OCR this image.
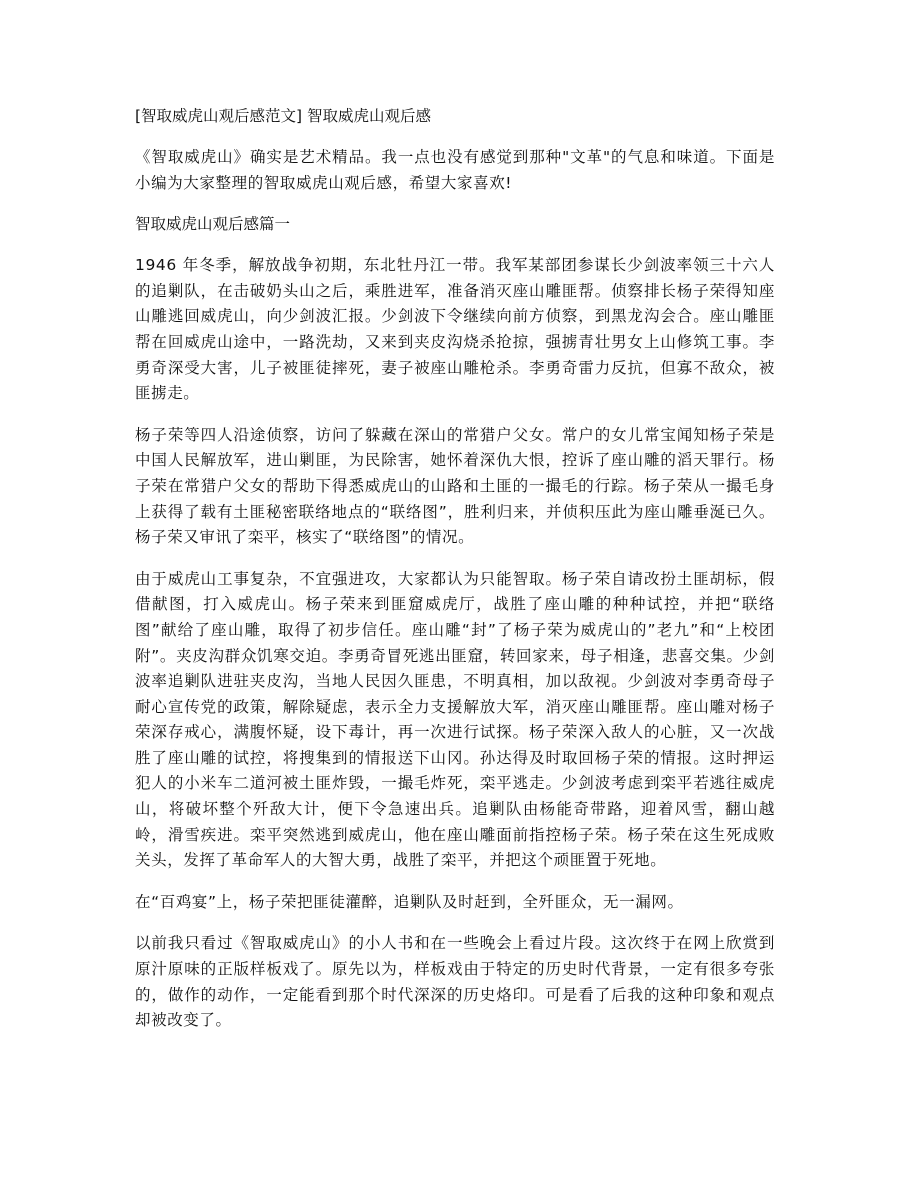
[智取威虎山观后感范文] 智取威虎山观后感

《智取威虎山》确实是艺术精品。我一点也没有感觉到那种"文革"的气息和味道。下面是小编为大家整理的智取威虎山观后感，希望大家喜欢!

智取威虎山观后感篇一

1946 年冬季，解放战争初期，东北牡丹江一带。我军某部团参谋长少剑波率领三十六人的追剿队，在击破奶头山之后，乘胜进军，准备消灭座山雕匪帮。侦察排长杨子荣得知座山雕逃回威虎山，向少剑波汇报。少剑波下令继续向前方侦察，到黑龙沟会合。座山雕匪帮在回威虎山途中，一路洗劫，又来到夹皮沟烧杀抢掠，强掳青壮男女上山修筑工事。李勇奇深受大害，儿子被匪徒摔死，妻子被座山雕枪杀。李勇奇雷力反抗，但寡不敌众，被匪掳走。

杨子荣等四人沿途侦察，访问了躲藏在深山的常猎户父女。常户的女儿常宝闻知杨子荣是中国人民解放军，进山剿匪，为民除害，她怀着深仇大恨，控诉了座山雕的滔天罪行。杨子荣在常猎户父女的帮助下得悉威虎山的山路和土匪的一撮毛的行踪。杨子荣从一撮毛身上获得了载有土匪秘密联络地点的“联络图”，胜利归来，并侦积压此为座山雕垂涎已久。杨子荣又审讯了栾平，核实了“联络图”的情况。

由于威虎山工事复杂，不宜强进攻，大家都认为只能智取。杨子荣自请改扮土匪胡标，假借献图，打入威虎山。杨子荣来到匪窟威虎厅，战胜了座山雕的种种试控，并把“联络图”献给了座山雕，取得了初步信任。座山雕“封”了杨子荣为威虎山的”老九”和“上校团附”。夹皮沟群众饥寒交迫。李勇奇冒死逃出匪窟，转回家来，母子相逢，悲喜交集。少剑波率追剿队进驻夹皮沟，当地人民因久匪患，不明真相，加以敌视。少剑波对李勇奇母子耐心宣传党的政策，解除疑虑，表示全力支援解放大军，消灭座山雕匪帮。座山雕对杨子荣深存戒心，满腹怀疑，设下毒计，再一次进行试探。杨子荣深入敌人的心脏，又一次战胜了座山雕的试控，将搜集到的情报送下山冈。孙达得及时取回杨子荣的情报。这时押运犯人的小米车二道河被土匪炸毁，一撮毛炸死，栾平逃走。少剑波考虑到栾平若逃往威虎山，将破坏整个歼敌大计，便下令急速出兵。追剿队由杨能奇带路，迎着风雪，翻山越岭，滑雪疾进。栾平突然逃到威虎山，他在座山雕面前指控杨子荣。杨子荣在这生死成败关头，发挥了革命军人的大智大勇，战胜了栾平，并把这个顽匪置于死地。

在“百鸡宴”上，杨子荣把匪徒灌醉，追剿队及时赶到，全歼匪众，无一漏网。

以前我只看过《智取威虎山》的小人书和在一些晚会上看过片段。这次终于在网上欣赏到原汁原味的正版样板戏了。原先以为，样板戏由于特定的历史时代背景，一定有很多夸张的，做作的动作，一定能看到那个时代深深的历史烙印。可是看了后我的这种印象和观点却被改变了。
